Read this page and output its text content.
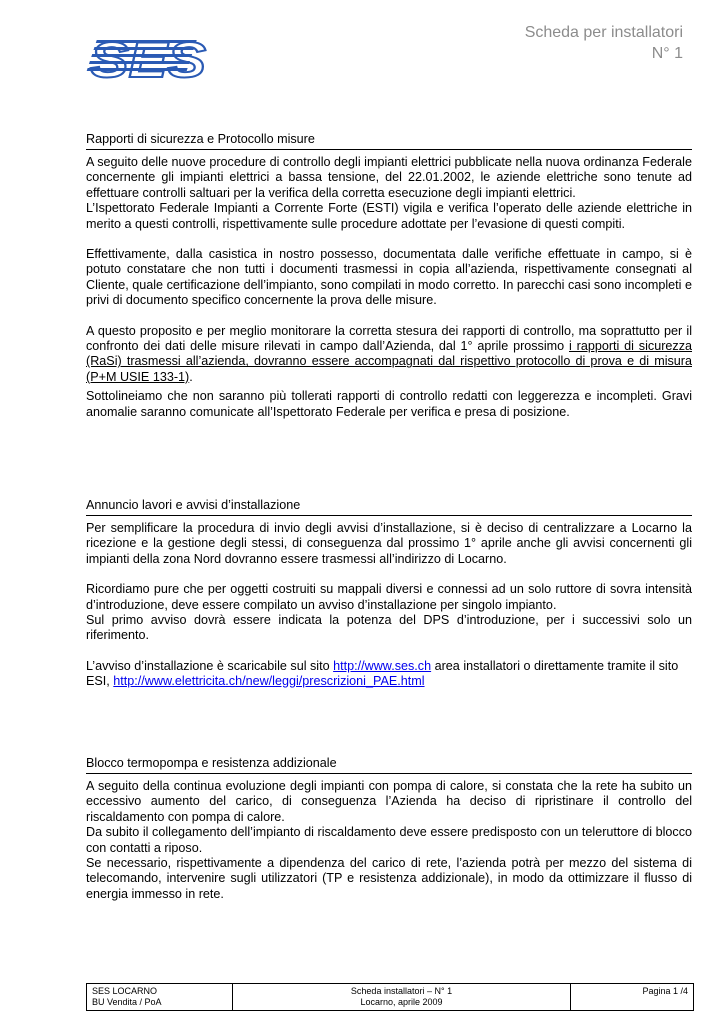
SES	Scheda per installatori
N° 1
Rapporti di sicurezza e Protocollo misure

A seguito delle nuove procedure di controllo degli impianti elettrici pubblicate nella nuova ordinanza Federale concernente gli impianti elettrici a bassa tensione, del 22.01.2002, le aziende elettriche sono tenute ad effettuare controlli saltuari per la verifica della corretta esecuzione degli impianti elettrici.

L’Ispettorato Federale Impianti a Corrente Forte (ESTI) vigila e verifica l’operato delle aziende elettriche in merito a questi controlli, rispettivamente sulle procedure adottate per l’evasione di questi compiti.

Effettivamente, dalla casistica in nostro possesso, documentata dalle verifiche effettuate in campo, si è potuto constatare che non tutti i documenti trasmessi in copia all’azienda, rispettivamente consegnati al Cliente, quale certificazione dell’impianto, sono compilati in modo corretto. In parecchi casi sono incompleti e privi di documento specifico concernente la prova delle misure.

A questo proposito e per meglio monitorare la corretta stesura dei rapporti di controllo, ma soprattutto per il confronto dei dati delle misure rilevati in campo dall’Azienda, dal 1° aprile prossimo i rapporti di sicurezza (RaSi) trasmessi all’azienda, dovranno essere accompagnati dal rispettivo protocollo di prova e di misura (P+M USIE 133-1).

Sottolineiamo che non saranno più tollerati rapporti di controllo redatti con leggerezza e incompleti. Gravi anomalie saranno comunicate all’Ispettorato Federale per verifica e presa di posizione.

Annuncio lavori e avvisi d’installazione

Per semplificare la procedura di invio degli avvisi d’installazione, si è deciso di centralizzare a Locarno la ricezione e la gestione degli stessi, di conseguenza dal prossimo 1° aprile anche gli avvisi concernenti gli impianti della zona Nord dovranno essere trasmessi all’indirizzo di Locarno.

Ricordiamo pure che per oggetti costruiti su mappali diversi e connessi ad un solo ruttore di sovra intensità d’introduzione, deve essere compilato un avviso d’installazione per singolo impianto.

Sul primo avviso dovrà essere indicata la potenza del DPS d’introduzione, per i successivi solo un riferimento.

L’avviso d’installazione è scaricabile sul sito http://www.ses.ch area installatori o direttamente tramite il sito ESI, http://www.elettricita.ch/new/leggi/prescrizioni_PAE.html

Blocco termopompa e resistenza addizionale

A seguito della continua evoluzione degli impianti con pompa di calore, si constata che la rete ha subito un eccessivo aumento del carico, di conseguenza l’Azienda ha deciso di ripristinare il controllo del riscaldamento con pompa di calore.

Da subito il collegamento dell’impianto di riscaldamento deve essere predisposto con un teleruttore di blocco con contatti a riposo.

Se necessario, rispettivamente a dipendenza del carico di rete, l’azienda potrà per mezzo del sistema di telecomando, intervenire sugli utilizzatori (TP e resistenza addizionale), in modo da ottimizzare il flusso di energia immesso in rete.

SES LOCARNO
BU Vendita / PoA
Scheda installatori – N° 1
Locarno, aprile 2009
Pagina 1 /4
